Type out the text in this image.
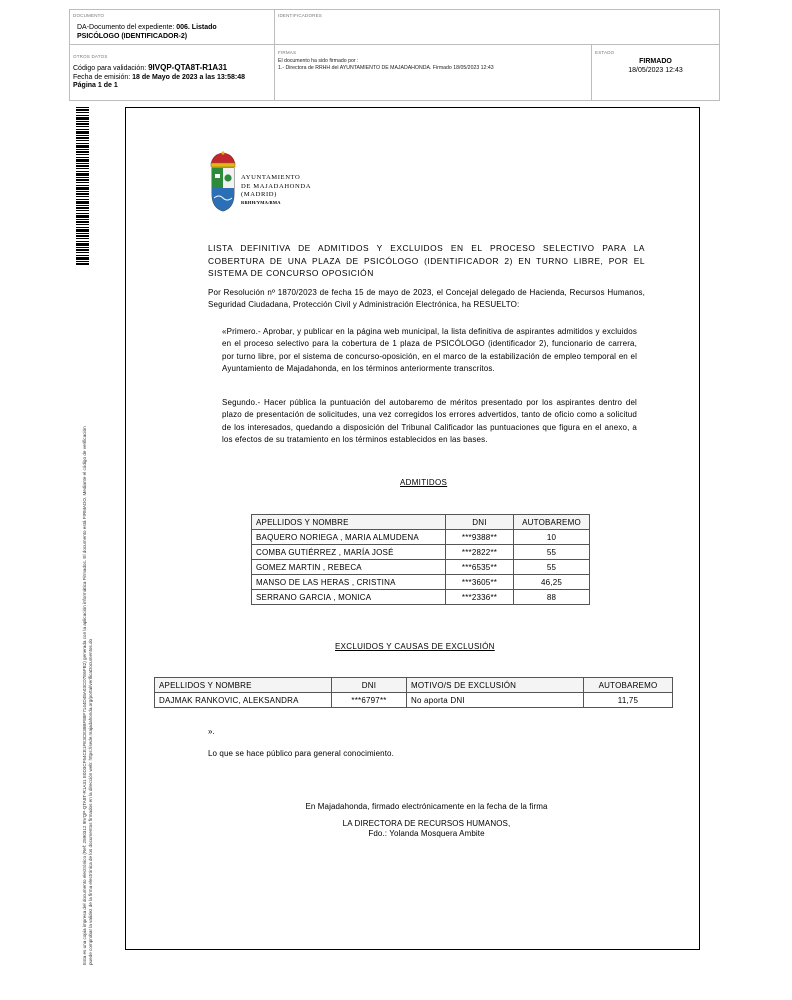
DOCUMENTO
DA-Documento del expediente: 006. Listado
PSICÓLOGO (IDENTIFICADOR-2)
IDENTIFICADORES
OTROS DATOS
Código para validación: 9IVQP-QTA8T-R1A31
Fecha de emisión: 18 de Mayo de 2023 a las 13:58:48
Página 1 de 1
FIRMAS
El documento ha sido firmado por :
1.- Directora de RRHH del AYUNTAMIENTO DE MAJADAHONDA. Firmado 18/05/2023 12:43
ESTADO
FIRMADO
18/05/2023 12:43
Esta es una copia impresa del documento electrónico (Ref: 2590312 9IVQP-QTA8T-R1A31 E0D3CF54CE1FE3CE38BF88F7144D48A03CD7E6FB2) generada con la aplicación informática Firmadoc. El documento está FIRMADO. Mediante el código de verificación puede comprobar la validez de la firma electrónica de los documentos firmados en la dirección web: https://sede.majadahonda.org/portal/verificaDocumentos.do
AYUNTAMIENTO
DE MAJADAHONDA
(MADRID)
RRHH/YMA/BMA
LISTA DEFINITIVA DE ADMITIDOS Y EXCLUIDOS EN EL PROCESO SELECTIVO PARA LA COBERTURA DE UNA PLAZA DE PSICÓLOGO (IDENTIFICADOR 2) EN TURNO LIBRE, POR EL SISTEMA DE CONCURSO OPOSICIÓN
Por Resolución nº 1870/2023 de fecha 15 de mayo de 2023, el Concejal delegado de Hacienda, Recursos Humanos, Seguridad Ciudadana, Protección Civil y Administración Electrónica, ha RESUELTO:
«Primero.- Aprobar, y publicar en la página web municipal, la lista definitiva de aspirantes admitidos y excluidos en el proceso selectivo para la cobertura de 1 plaza de PSICÓLOGO (identificador 2), funcionario de carrera, por turno libre, por el sistema de concurso-oposición, en el marco de la estabilización de empleo temporal en el Ayuntamiento de Majadahonda, en los términos anteriormente transcritos.
Segundo.- Hacer pública la puntuación del autobaremo de méritos presentado por los aspirantes dentro del plazo de presentación de solicitudes, una vez corregidos los errores advertidos, tanto de oficio como a solicitud de los interesados, quedando a disposición del Tribunal Calificador las puntuaciones que figura en el anexo, a los efectos de su tratamiento en los términos establecidos en las bases.
ADMITIDOS
APELLIDOS Y NOMBRE	DNI	AUTOBAREMO
BAQUERO NORIEGA , MARIA ALMUDENA	***9388**	10
COMBA GUTIÉRREZ , MARÍA JOSÉ	***2822**	55
GOMEZ MARTIN , REBECA	***6535**	55
MANSO DE LAS HERAS , CRISTINA	***3605**	46,25
SERRANO GARCIA , MONICA	***2336**	88
EXCLUIDOS Y CAUSAS DE EXCLUSIÓN
APELLIDOS Y NOMBRE	DNI	MOTIVO/S DE EXCLUSIÓN	AUTOBAREMO
DAJMAK RANKOVIC, ALEKSANDRA	***6797**	No aporta DNI	11,75
».
Lo que se hace público para general conocimiento.
En Majadahonda, firmado electrónicamente en la fecha de la firma
LA DIRECTORA DE RECURSOS HUMANOS,
Fdo.: Yolanda Mosquera Ambite
